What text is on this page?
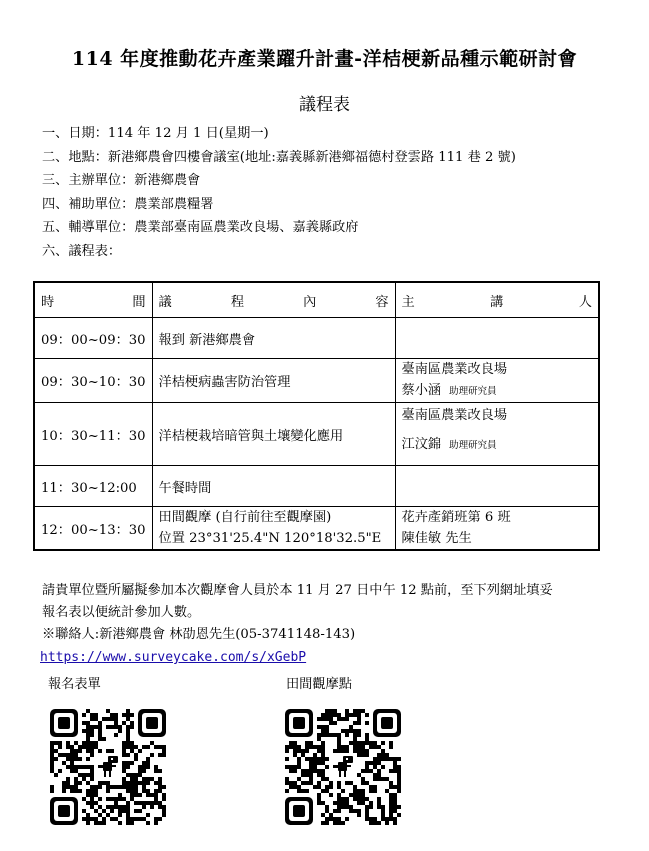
114 年度推動花卉產業躍升計畫-洋桔梗新品種示範研討會
議程表
一、日期：114 年 12 月 1 日(星期一)
二、地點：新港鄉農會四樓會議室(地址:嘉義縣新港鄉福德村登雲路 111 巷 2 號)
三、主辦單位：新港鄉農會
四、補助單位：農業部農糧署
五、輔導單位：農業部臺南區農業改良場、嘉義縣政府
六、議程表：
時 間	議 程 內 容	主 講 人

09：00~09：30	報到 新港鄉農會	
09：30~10：30	洋桔梗病蟲害防治管理	臺南區農業改良場
蔡小涵 助理研究員

10：30~11：30	洋桔梗栽培暗管與土壤變化應用	臺南區農業改良場
江汶錦 助理研究員

11：30~12:00	午餐時間	
12：00~13：30	田間觀摩 (自行前往至觀摩園)
位置 23°31'25.4"N 120°18'32.5"E	花卉產銷班第 6 班
陳佳敏 先生
請貴單位暨所屬擬參加本次觀摩會人員於本 11 月 27 日中午 12 點前，至下列網址填妥
報名表以便統計參加人數。
※聯絡人:新港鄉農會 林劭恩先生(05-3741148-143)
https://www.surveycake.com/s/xGebP
報名表單	田間觀摩點
